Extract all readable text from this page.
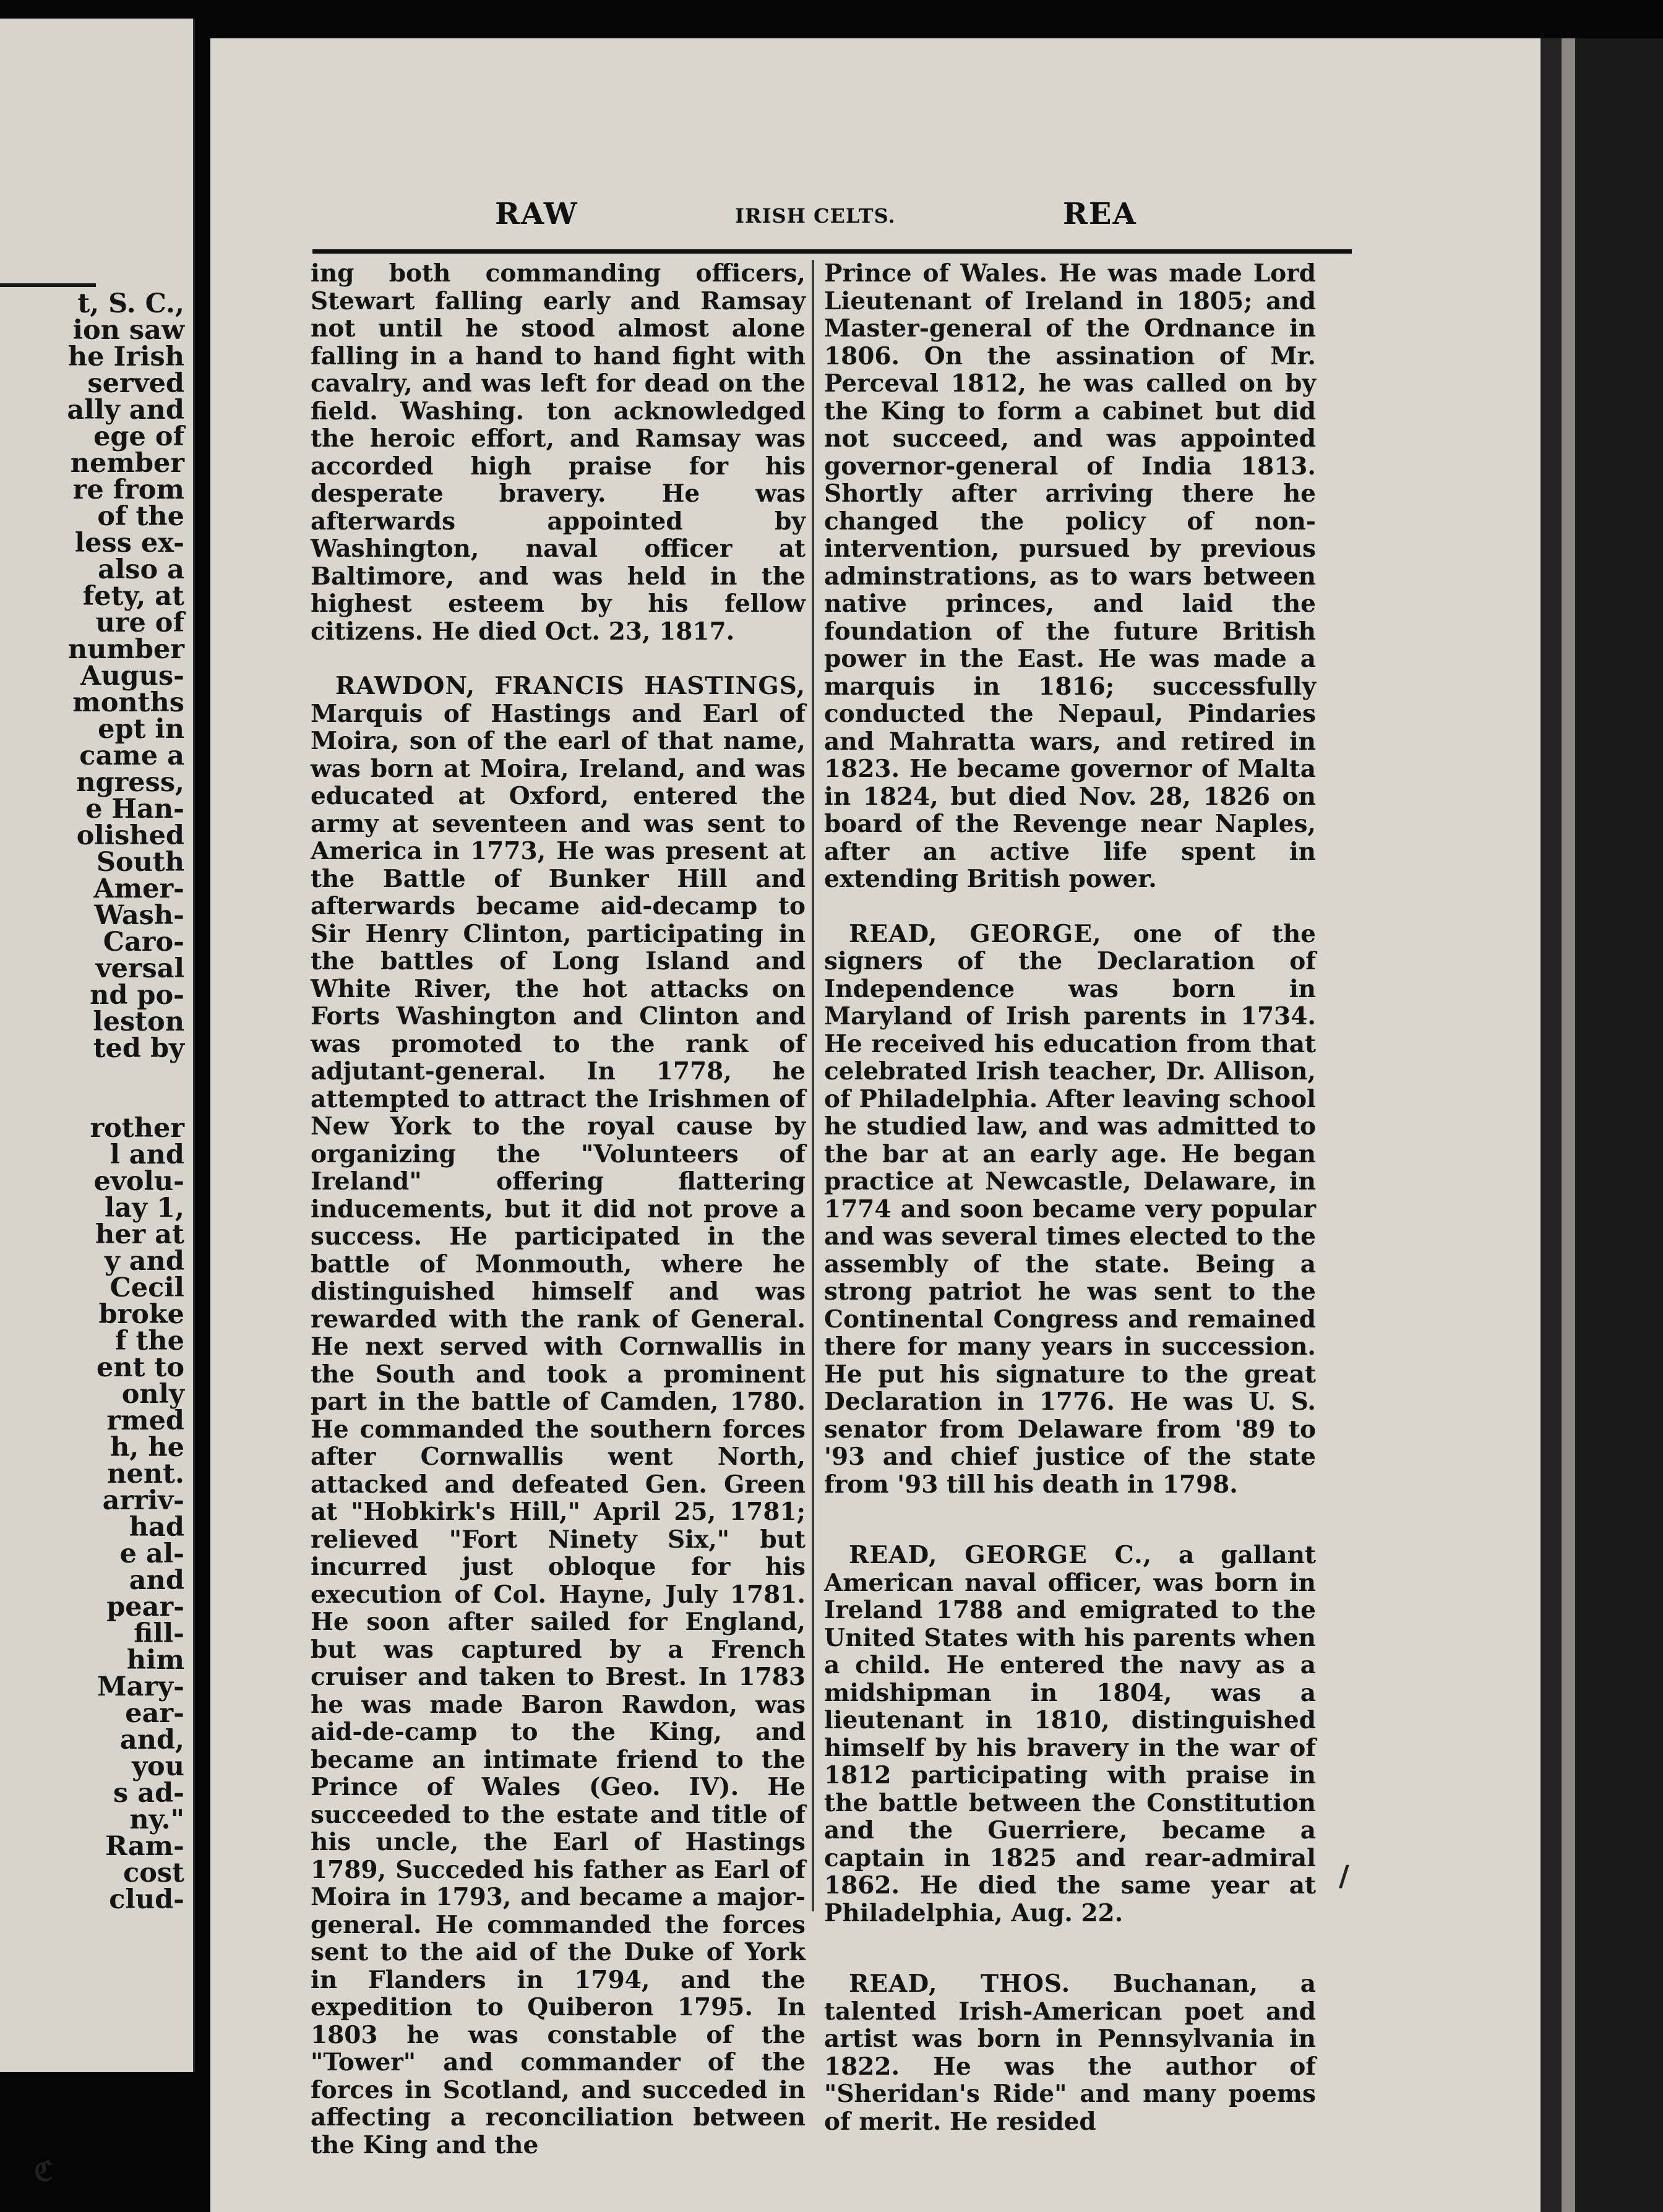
t, S. C.,
ion saw
he Irish
served
ally and
ege of
nember
re from
of the
less ex-
also a
fety, at
ure of
number
Augus-
months
ept in
came a
ngress,
e Han-
olished
South
Amer-
Wash-
Caro-
versal
nd po-
leston
ted by
rother
l and
evolu-
lay 1,
her at
y and
Cecil
broke
f the
ent to
only
rmed
h, he
nent.
arriv-
had
e al-
and
pear-
fill-
him
Mary-
ear-
and,
you
s ad-
ny."
Ram-
cost
clud-
RAW	IRISH CELTS.	REA

ing both commanding officers, Stewart falling early and Ramsay not until he stood almost alone falling in a hand to hand fight with cavalry, and was left for dead on the field. Washing. ton acknowledged the heroic effort, and Ramsay was accorded high praise for his desperate bravery. He was afterwards appointed by Washington, naval officer at Baltimore, and was held in the highest esteem by his fellow citizens. He died Oct. 23, 1817.

RAWDON, FRANCIS HASTINGS, Marquis of Hastings and Earl of Moira, son of the earl of that name, was born at Moira, Ireland, and was educated at Oxford, entered the army at seventeen and was sent to America in 1773, He was present at the Battle of Bunker Hill and afterwards became aid-decamp to Sir Henry Clinton, participating in the battles of Long Island and White River, the hot attacks on Forts Washington and Clinton and was promoted to the rank of adjutant-general. In 1778, he attempted to attract the Irishmen of New York to the royal cause by organizing the "Volunteers of Ireland" offering flattering inducements, but it did not prove a success. He participated in the battle of Monmouth, where he distinguished himself and was rewarded with the rank of General. He next served with Cornwallis in the South and took a prominent part in the battle of Camden, 1780. He commanded the southern forces after Cornwallis went North, attacked and defeated Gen. Green at "Hobkirk's Hill," April 25, 1781; relieved "Fort Ninety Six," but incurred just obloque for his execution of Col. Hayne, July 1781. He soon after sailed for England, but was captured by a French cruiser and taken to Brest. In 1783 he was made Baron Rawdon, was aid-de-camp to the King, and became an intimate friend to the Prince of Wales (Geo. IV). He succeeded to the estate and title of his uncle, the Earl of Hastings 1789, Succeded his father as Earl of Moira in 1793, and became a major-general. He commanded the forces sent to the aid of the Duke of York in Flanders in 1794, and the expedition to Quiberon 1795. In 1803 he was constable of the "Tower" and commander of the forces in Scotland, and succeded in affecting a reconciliation between the King and the

Prince of Wales. He was made Lord Lieutenant of Ireland in 1805; and Master-general of the Ordnance in 1806. On the assination of Mr. Perceval 1812, he was called on by the King to form a cabinet but did not succeed, and was appointed governor-general of India 1813. Shortly after arriving there he changed the policy of non-intervention, pursued by previous adminstrations, as to wars between native princes, and laid the foundation of the future British power in the East. He was made a marquis in 1816; successfully conducted the Nepaul, Pindaries and Mahratta wars, and retired in 1823. He became governor of Malta in 1824, but died Nov. 28, 1826 on board of the Revenge near Naples, after an active life spent in extending British power.

READ, GEORGE, one of the signers of the Declaration of Independence was born in Maryland of Irish parents in 1734. He received his education from that celebrated Irish teacher, Dr. Allison, of Philadelphia. After leaving school he studied law, and was admitted to the bar at an early age. He began practice at Newcastle, Delaware, in 1774 and soon became very popular and was several times elected to the assembly of the state. Being a strong patriot he was sent to the Continental Congress and remained there for many years in succession. He put his signature to the great Declaration in 1776. He was U. S. senator from Delaware from '89 to '93 and chief justice of the state from '93 till his death in 1798.

READ, GEORGE C., a gallant American naval officer, was born in Ireland 1788 and emigrated to the United States with his parents when a child. He entered the navy as a midshipman in 1804, was a lieutenant in 1810, distinguished himself by his bravery in the war of 1812 participating with praise in the battle between the Constitution and the Guerriere, became a captain in 1825 and rear-admiral 1862. He died the same year at Philadelphia, Aug. 22.

READ, THOS. Buchanan, a talented Irish-American poet and artist was born in Pennsylvania in 1822. He was the author of "Sheridan's Ride" and many poems of merit. He resided

ℭ
/
